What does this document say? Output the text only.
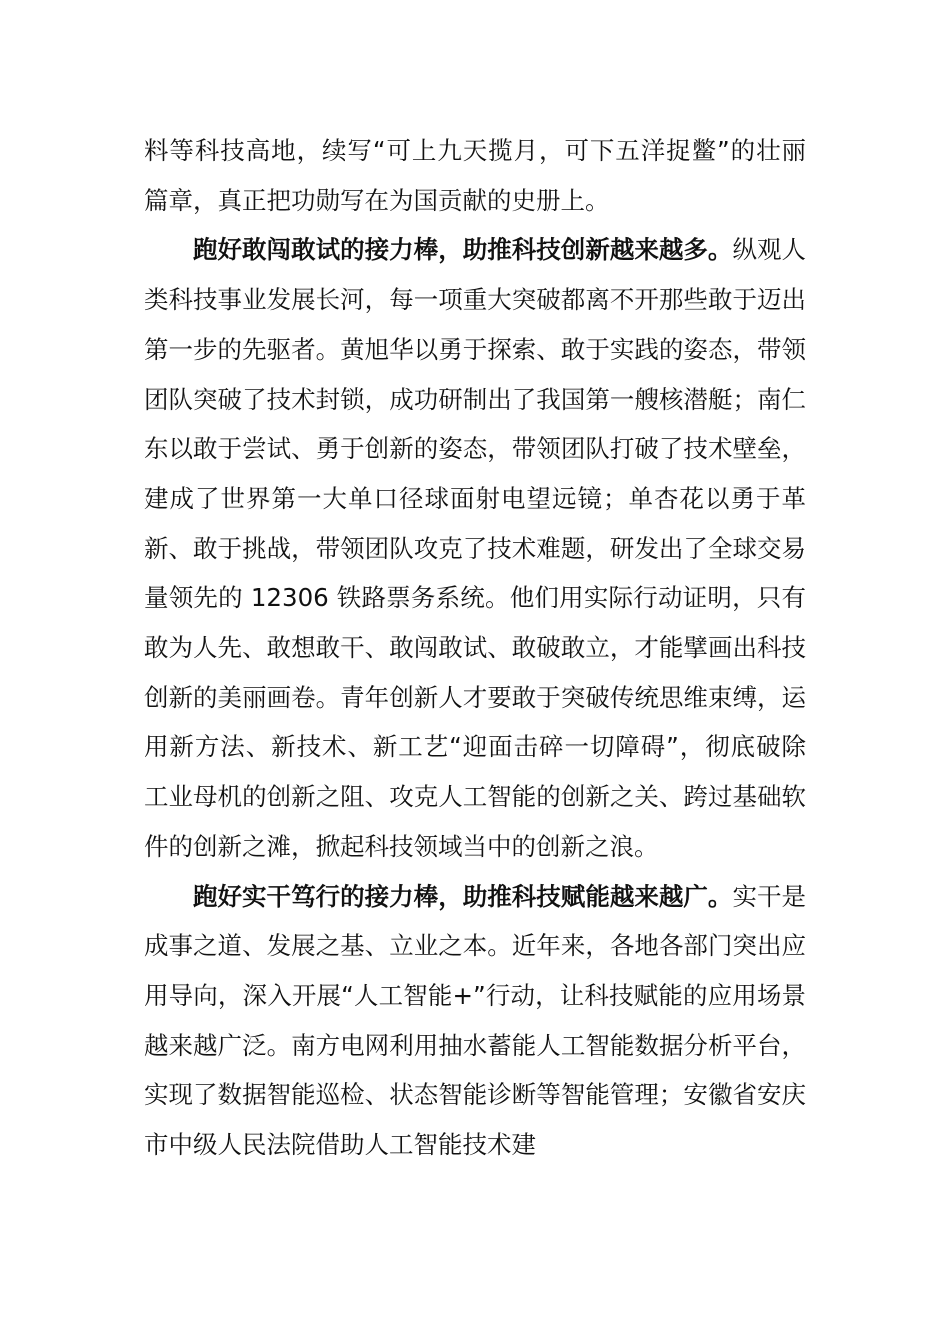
料等科技高地，续写“可上九天揽月，可下五洋捉鳖”的壮丽篇章，真正把功勋写在为国贡献的史册上。

跑好敢闯敢试的接力棒，助推科技创新越来越多。纵观人类科技事业发展长河，每一项重大突破都离不开那些敢于迈出第一步的先驱者。黄旭华以勇于探索、敢于实践的姿态，带领团队突破了技术封锁，成功研制出了我国第一艘核潜艇；南仁东以敢于尝试、勇于创新的姿态，带领团队打破了技术壁垒，建成了世界第一大单口径球面射电望远镜；单杏花以勇于革新、敢于挑战，带领团队攻克了技术难题，研发出了全球交易量领先的 12306 铁路票务系统。他们用实际行动证明，只有敢为人先、敢想敢干、敢闯敢试、敢破敢立，才能擘画出科技创新的美丽画卷。青年创新人才要敢于突破传统思维束缚，运用新方法、新技术、新工艺“迎面击碎一切障碍”，彻底破除工业母机的创新之阻、攻克人工智能的创新之关、跨过基础软件的创新之滩，掀起科技领域当中的创新之浪。

跑好实干笃行的接力棒，助推科技赋能越来越广。实干是成事之道、发展之基、立业之本。近年来，各地各部门突出应用导向，深入开展“人工智能+”行动，让科技赋能的应用场景越来越广泛。南方电网利用抽水蓄能人工智能数据分析平台，实现了数据智能巡检、状态智能诊断等智能管理；安徽省安庆市中级人民法院借助人工智能技术建
